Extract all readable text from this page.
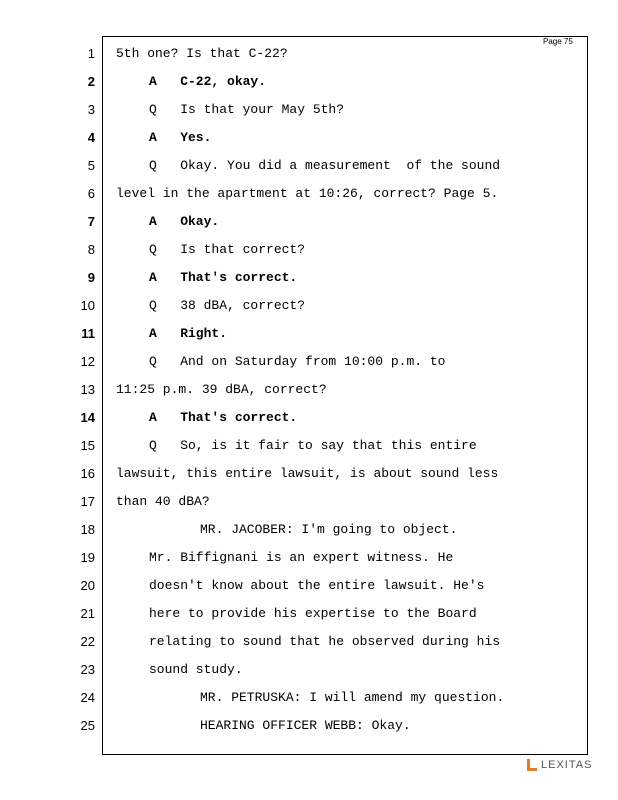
Page 75
1 5th one? Is that C-22?
2	A   C-22, okay.
3	Q   Is that your May 5th?
4	A   Yes.
5	Q   Okay. You did a measurement  of the sound
6 level in the apartment at 10:26, correct? Page 5.
7	A   Okay.
8	Q   Is that correct?
9	A   That's correct.
10	Q   38 dBA, correct?
11	A   Right.
12	Q   And on Saturday from 10:00 p.m. to
13 11:25 p.m. 39 dBA, correct?
14	A   That's correct.
15	Q   So, is it fair to say that this entire
16 lawsuit, this entire lawsuit, is about sound less
17 than 40 dBA?
18	MR. JACOBER: I'm going to object.
19	Mr. Biffignani is an expert witness. He
20	doesn't know about the entire lawsuit. He's
21	here to provide his expertise to the Board
22	relating to sound that he observed during his
23	sound study.
24	MR. PETRUSKA: I will amend my question.
25	HEARING OFFICER WEBB: Okay.
LEXITAS
